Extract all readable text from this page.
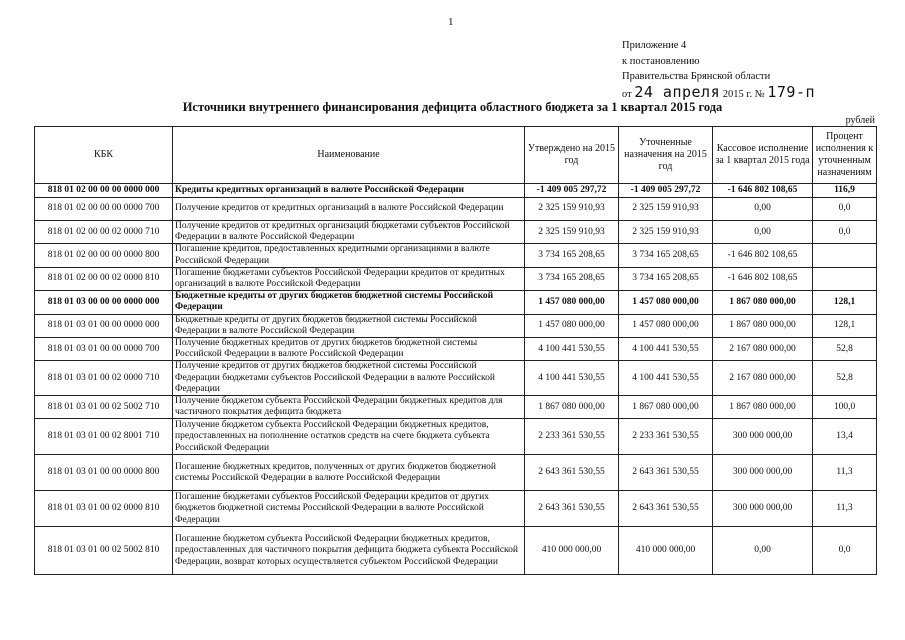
1
Приложение 4
к постановлению
Правительства Брянской области
от 24 апреля 2015 г. № 179-п
Источники внутреннего финансирования дефицита областного бюджета за 1 квартал 2015 года
рублей
КБК	Наименование	Утверждено на 2015 год	Уточненные назначения на 2015 год	Кассовое исполнение за 1 квартал 2015 года	Процент исполнения к уточненным назначениям
818 01 02 00 00 00 0000 000	Кредиты кредитных организаций в валюте Российской Федерации	-1 409 005 297,72	-1 409 005 297,72	-1 646 802 108,65	116,9
818 01 02 00 00 00 0000 700	Получение кредитов от кредитных организаций в валюте Российской Федерации	2 325 159 910,93	2 325 159 910,93	0,00	0,0
818 01 02 00 00 02 0000 710	Получение кредитов от кредитных организаций бюджетами субъектов Российской Федерации в валюте Российской Федерации	2 325 159 910,93	2 325 159 910,93	0,00	0,0
818 01 02 00 00 00 0000 800	Погашение кредитов, предоставленных кредитными организациями в валюте Российской Федерации	3 734 165 208,65	3 734 165 208,65	-1 646 802 108,65	
818 01 02 00 00 02 0000 810	Погашение бюджетами субъектов Российской Федерации кредитов от кредитных организаций в валюте Российской Федерации	3 734 165 208,65	3 734 165 208,65	-1 646 802 108,65	
818 01 03 00 00 00 0000 000	Бюджетные кредиты от других бюджетов бюджетной системы Российской Федерации	1 457 080 000,00	1 457 080 000,00	1 867 080 000,00	128,1
818 01 03 01 00 00 0000 000	Бюджетные кредиты от других бюджетов бюджетной системы Российской Федерации в валюте Российской Федерации	1 457 080 000,00	1 457 080 000,00	1 867 080 000,00	128,1
818 01 03 01 00 00 0000 700	Получение бюджетных кредитов от других бюджетов бюджетной системы Российской Федерации в валюте Российской Федерации	4 100 441 530,55	4 100 441 530,55	2 167 080 000,00	52,8
818 01 03 01 00 02 0000 710	Получение кредитов от других бюджетов бюджетной системы Российской Федерации бюджетами субъектов Российской Федерации в валюте Российской Федерации	4 100 441 530,55	4 100 441 530,55	2 167 080 000,00	52,8
818 01 03 01 00 02 5002 710	Получение бюджетом субъекта Российской Федерации бюджетных кредитов для частичного покрытия дефицита бюджета	1 867 080 000,00	1 867 080 000,00	1 867 080 000,00	100,0
818 01 03 01 00 02 8001 710	Получение бюджетом субъекта Российской Федерации бюджетных кредитов, предоставленных на пополнение остатков средств на счете бюджета субъекта Российской Федерации	2 233 361 530,55	2 233 361 530,55	300 000 000,00	13,4
818 01 03 01 00 00 0000 800	Погашение бюджетных кредитов, полученных от других бюджетов бюджетной системы Российской Федерации в валюте Российской Федерации	2 643 361 530,55	2 643 361 530,55	300 000 000,00	11,3
818 01 03 01 00 02 0000 810	Погашение бюджетами субъектов Российской Федерации кредитов от других бюджетов бюджетной системы Российской Федерации в валюте Российской Федерации	2 643 361 530,55	2 643 361 530,55	300 000 000,00	11,3
818 01 03 01 00 02 5002 810	Погашение бюджетом субъекта Российской Федерации бюджетных кредитов, предоставленных для частичного покрытия дефицита бюджета субъекта Российской Федерации, возврат которых осуществляется субъектом Российской Федерации	410 000 000,00	410 000 000,00	0,00	0,0
